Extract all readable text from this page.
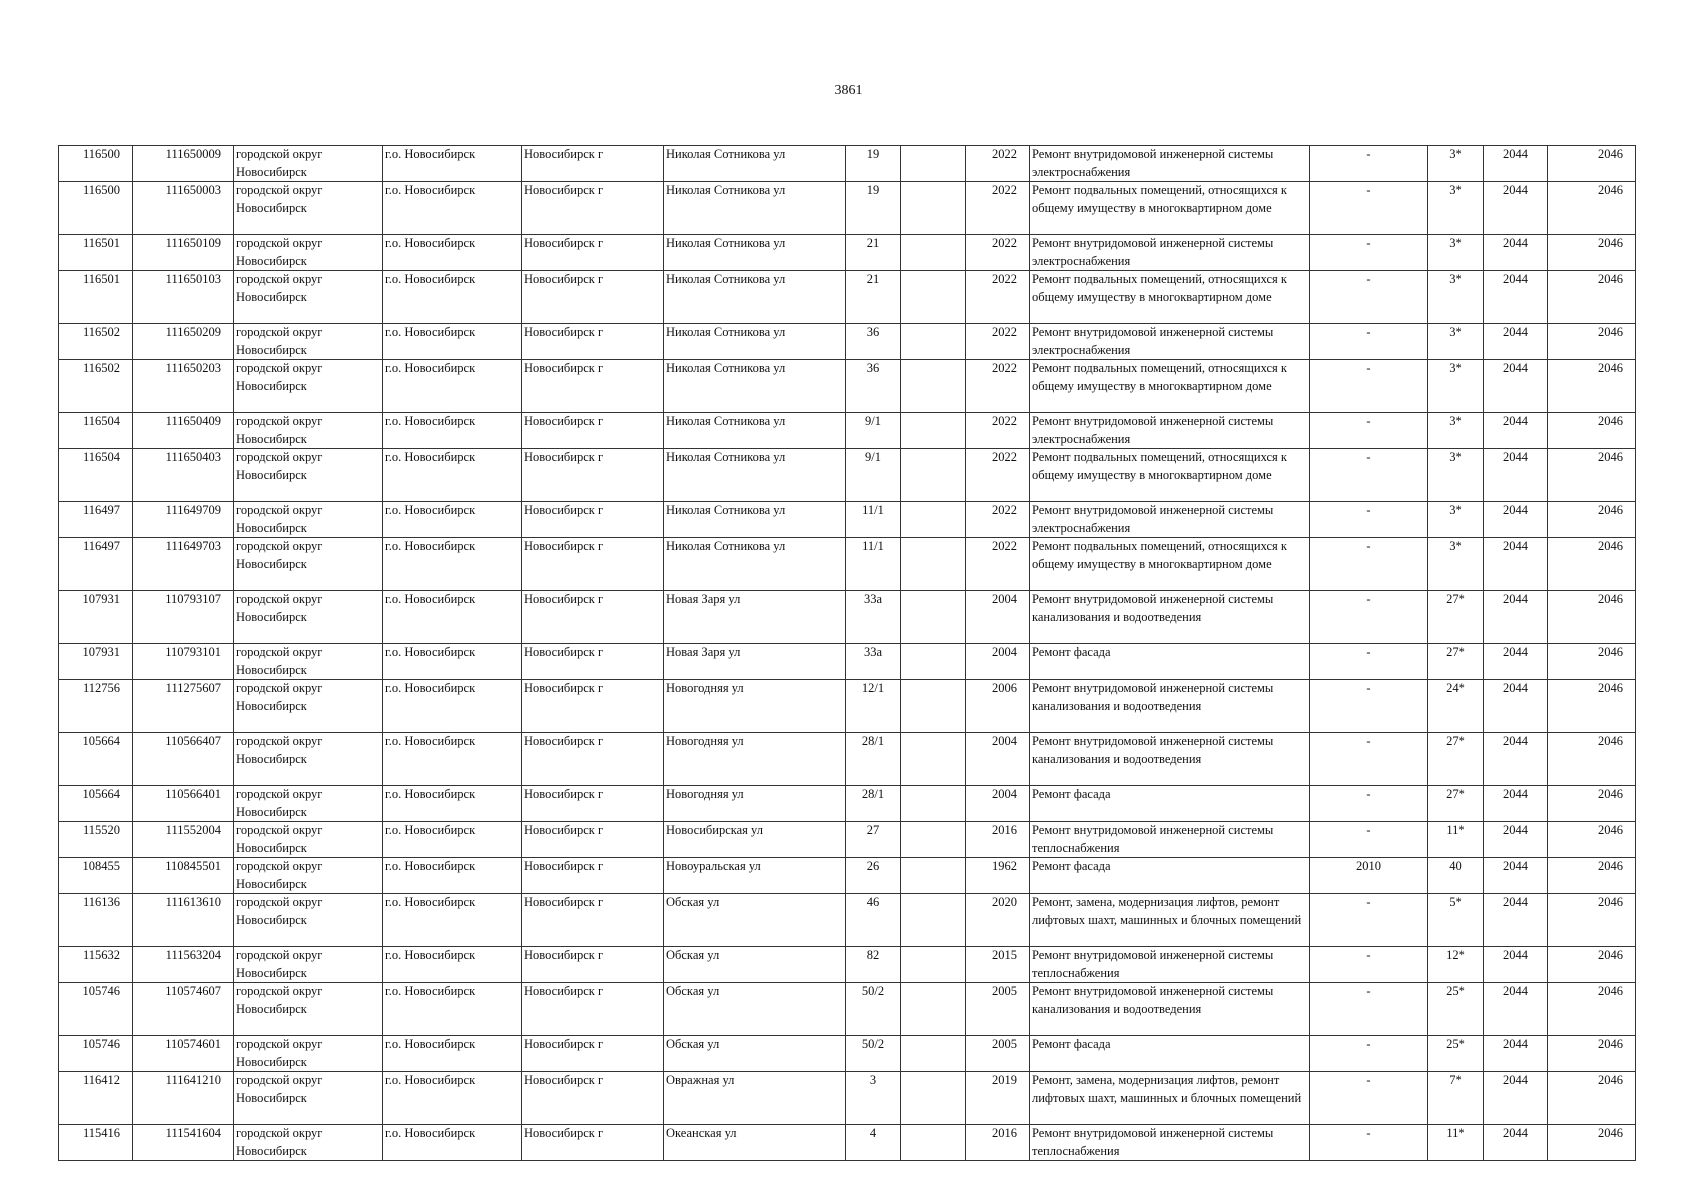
3861
116500	111650009	городской округ Новосибирск	г.о. Новосибирск	Новосибирск г	Николая Сотникова ул	19		2022	Ремонт внутридомовой инженерной системы электроснабжения	-	3*	2044	2046
116500	111650003	городской округ Новосибирск	г.о. Новосибирск	Новосибирск г	Николая Сотникова ул	19		2022	Ремонт подвальных помещений, относящихся к общему имуществу в многоквартирном доме	-	3*	2044	2046
116501	111650109	городской округ Новосибирск	г.о. Новосибирск	Новосибирск г	Николая Сотникова ул	21		2022	Ремонт внутридомовой инженерной системы электроснабжения	-	3*	2044	2046
116501	111650103	городской округ Новосибирск	г.о. Новосибирск	Новосибирск г	Николая Сотникова ул	21		2022	Ремонт подвальных помещений, относящихся к общему имуществу в многоквартирном доме	-	3*	2044	2046
116502	111650209	городской округ Новосибирск	г.о. Новосибирск	Новосибирск г	Николая Сотникова ул	36		2022	Ремонт внутридомовой инженерной системы электроснабжения	-	3*	2044	2046
116502	111650203	городской округ Новосибирск	г.о. Новосибирск	Новосибирск г	Николая Сотникова ул	36		2022	Ремонт подвальных помещений, относящихся к общему имуществу в многоквартирном доме	-	3*	2044	2046
116504	111650409	городской округ Новосибирск	г.о. Новосибирск	Новосибирск г	Николая Сотникова ул	9/1		2022	Ремонт внутридомовой инженерной системы электроснабжения	-	3*	2044	2046
116504	111650403	городской округ Новосибирск	г.о. Новосибирск	Новосибирск г	Николая Сотникова ул	9/1		2022	Ремонт подвальных помещений, относящихся к общему имуществу в многоквартирном доме	-	3*	2044	2046
116497	111649709	городской округ Новосибирск	г.о. Новосибирск	Новосибирск г	Николая Сотникова ул	11/1		2022	Ремонт внутридомовой инженерной системы электроснабжения	-	3*	2044	2046
116497	111649703	городской округ Новосибирск	г.о. Новосибирск	Новосибирск г	Николая Сотникова ул	11/1		2022	Ремонт подвальных помещений, относящихся к общему имуществу в многоквартирном доме	-	3*	2044	2046
107931	110793107	городской округ Новосибирск	г.о. Новосибирск	Новосибирск г	Новая Заря ул	33а		2004	Ремонт внутридомовой инженерной системы канализования и водоотведения	-	27*	2044	2046
107931	110793101	городской округ Новосибирск	г.о. Новосибирск	Новосибирск г	Новая Заря ул	33а		2004	Ремонт фасада	-	27*	2044	2046
112756	111275607	городской округ Новосибирск	г.о. Новосибирск	Новосибирск г	Новогодняя ул	12/1		2006	Ремонт внутридомовой инженерной системы канализования и водоотведения	-	24*	2044	2046
105664	110566407	городской округ Новосибирск	г.о. Новосибирск	Новосибирск г	Новогодняя ул	28/1		2004	Ремонт внутридомовой инженерной системы канализования и водоотведения	-	27*	2044	2046
105664	110566401	городской округ Новосибирск	г.о. Новосибирск	Новосибирск г	Новогодняя ул	28/1		2004	Ремонт фасада	-	27*	2044	2046
115520	111552004	городской округ Новосибирск	г.о. Новосибирск	Новосибирск г	Новосибирская ул	27		2016	Ремонт внутридомовой инженерной системы теплоснабжения	-	11*	2044	2046
108455	110845501	городской округ Новосибирск	г.о. Новосибирск	Новосибирск г	Новоуральская ул	26		1962	Ремонт фасада	2010	40	2044	2046
116136	111613610	городской округ Новосибирск	г.о. Новосибирск	Новосибирск г	Обская ул	46		2020	Ремонт, замена, модернизация лифтов, ремонт лифтовых шахт, машинных и блочных помещений	-	5*	2044	2046
115632	111563204	городской округ Новосибирск	г.о. Новосибирск	Новосибирск г	Обская ул	82		2015	Ремонт внутридомовой инженерной системы теплоснабжения	-	12*	2044	2046
105746	110574607	городской округ Новосибирск	г.о. Новосибирск	Новосибирск г	Обская ул	50/2		2005	Ремонт внутридомовой инженерной системы канализования и водоотведения	-	25*	2044	2046
105746	110574601	городской округ Новосибирск	г.о. Новосибирск	Новосибирск г	Обская ул	50/2		2005	Ремонт фасада	-	25*	2044	2046
116412	111641210	городской округ Новосибирск	г.о. Новосибирск	Новосибирск г	Овражная ул	3		2019	Ремонт, замена, модернизация лифтов, ремонт лифтовых шахт, машинных и блочных помещений	-	7*	2044	2046
115416	111541604	городской округ Новосибирск	г.о. Новосибирск	Новосибирск г	Океанская ул	4		2016	Ремонт внутридомовой инженерной системы теплоснабжения	-	11*	2044	2046
